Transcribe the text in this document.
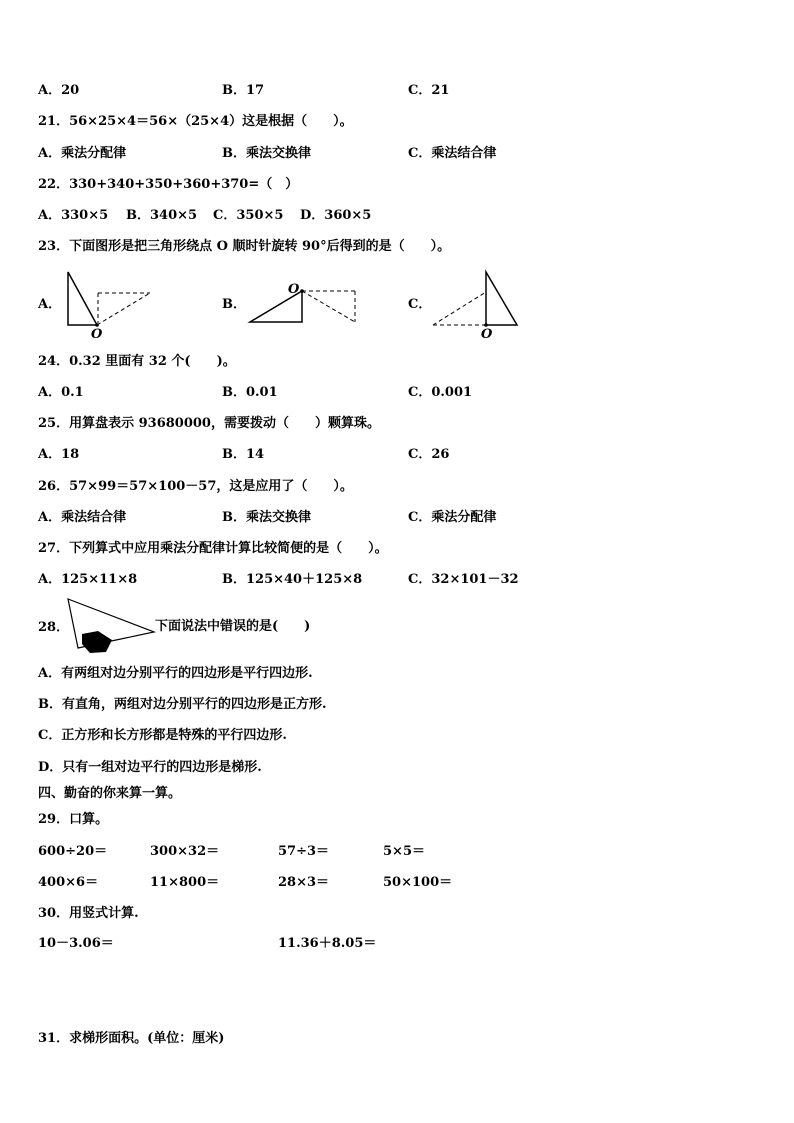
A．20	B．17	C．21
21．56×25×4＝56×（25×4）这是根据（　　）。
A．乘法分配律	B．乘法交换律	C．乘法结合律
22．330+340+350+360+370=（　）
A．330×5 B．340×5 C．350×5 D．360×5
23．下面图形是把三角形绕点 O 顺时针旋转 90°后得到的是（　　）。
A．	B．	C．
O
O
O
24．0.32 里面有 32 个(　　)。
A．0.1	B．0.01	C．0.001
25．用算盘表示 93680000，需要拨动（　　）颗算珠。
A．18	B．14	C．26
26．57×99＝57×100－57，这是应用了（　　）。
A．乘法结合律	B．乘法交换律	C．乘法分配律
27．下列算式中应用乘法分配律计算比较简便的是（　　）。
A．125×11×8	B．125×40＋125×8	C．32×101－32
28．	下面说法中错误的是(　　)
A．有两组对边分别平行的四边形是平行四边形.
B．有直角，两组对边分别平行的四边形是正方形.
C．正方形和长方形都是特殊的平行四边形.
D．只有一组对边平行的四边形是梯形.
四、勤奋的你来算一算。
29．口算。
600÷20＝	300×32＝	57÷3＝	5×5＝
400×6＝	11×800＝	28×3＝	50×100＝
30．用竖式计算.
10－3.06＝	11.36＋8.05＝
31．求梯形面积。(单位：厘米)
